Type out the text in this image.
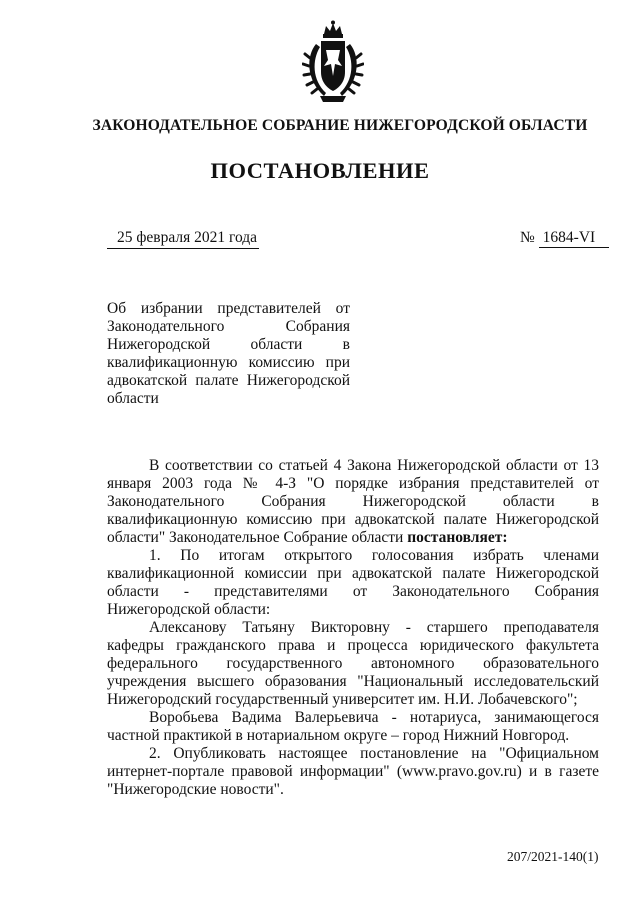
ЗАКОНОДАТЕЛЬНОЕ СОБРАНИЕ НИЖЕГОРОДСКОЙ ОБЛАСТИ
ПОСТАНОВЛЕНИЕ
25 февраля 2021 года	№ 1684-VI
Об избрании представителей от Законодательного Собрания Нижегородской области в квалификационную комиссию при адвокатской палате Нижегородской области

В соответствии со статьей 4 Закона Нижегородской области от 13 января 2003 года № 4-З "О порядке избрания представителей от Законодательного Собрания Нижегородской области в квалификационную комиссию при адвокатской палате Нижегородской области" Законодательное Собрание области постановляет:

1. По итогам открытого голосования избрать членами квалификационной комиссии при адвокатской палате Нижегородской области - представителями от Законодательного Собрания Нижегородской области:

Алексанову Татьяну Викторовну - старшего преподавателя кафедры гражданского права и процесса юридического факультета федерального государственного автономного образовательного учреждения высшего образования "Национальный исследовательский Нижегородский государственный университет им. Н.И. Лобачевского";

Воробьева Вадима Валерьевича - нотариуса, занимающегося частной практикой в нотариальном округе – город Нижний Новгород.

2. Опубликовать настоящее постановление на "Официальном интернет-портале правовой информации" (www.pravo.gov.ru) и в газете "Нижегородские новости".

207/2021-140(1)
